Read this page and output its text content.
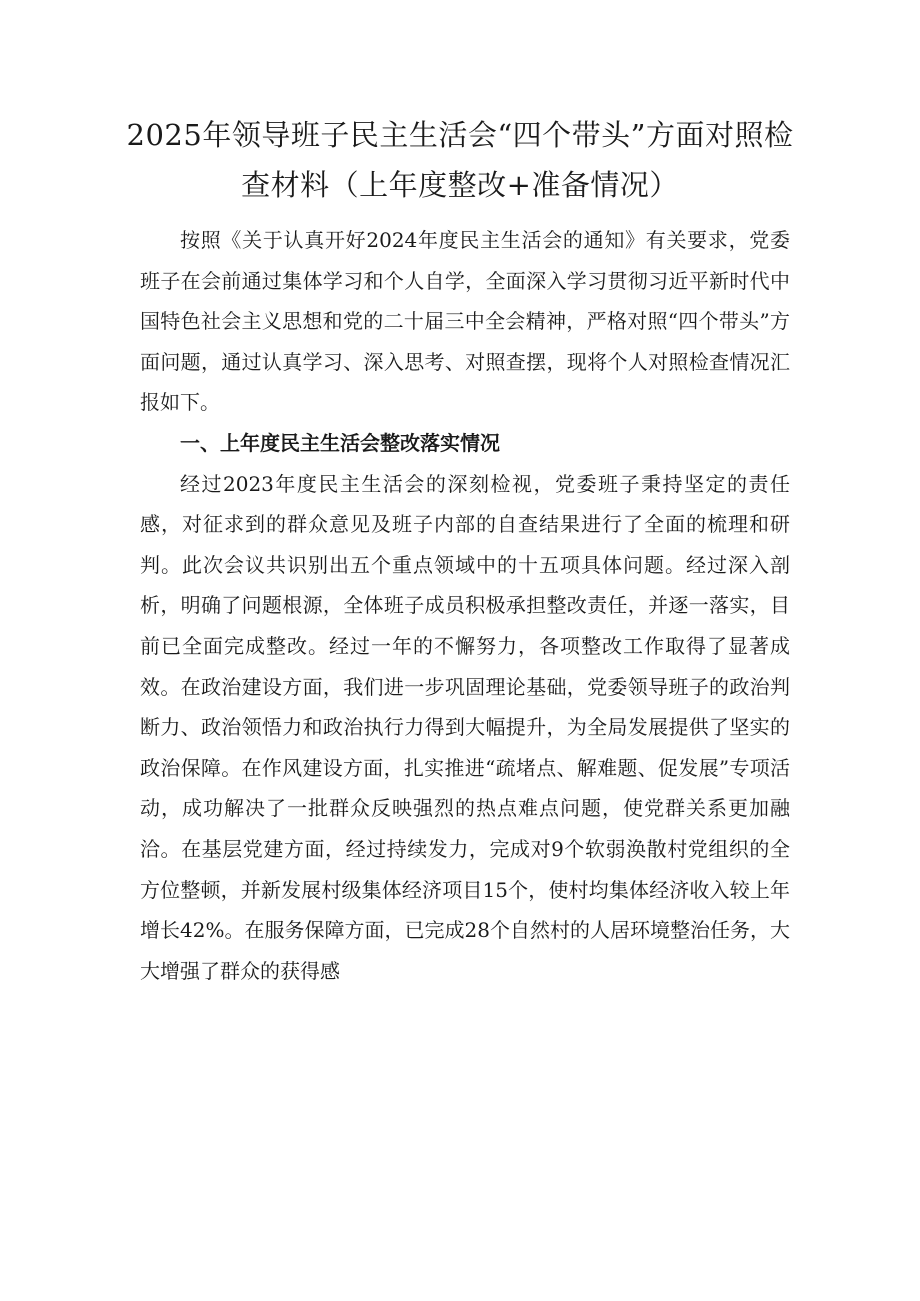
2025年领导班子民主生活会“四个带头”方面对照检
查材料（上年度整改+准备情况）

按照《关于认真开好2024年度民主生活会的通知》有关要求，党委班子在会前通过集体学习和个人自学，全面深入学习贯彻习近平新时代中国特色社会主义思想和党的二十届三中全会精神，严格对照“四个带头”方面问题，通过认真学习、深入思考、对照查摆，现将个人对照检查情况汇报如下。

一、上年度民主生活会整改落实情况

经过2023年度民主生活会的深刻检视，党委班子秉持坚定的责任感，对征求到的群众意见及班子内部的自查结果进行了全面的梳理和研判。此次会议共识别出五个重点领域中的十五项具体问题。经过深入剖析，明确了问题根源，全体班子成员积极承担整改责任，并逐一落实，目前已全面完成整改。经过一年的不懈努力，各项整改工作取得了显著成效。在政治建设方面，我们进一步巩固理论基础，党委领导班子的政治判断力、政治领悟力和政治执行力得到大幅提升，为全局发展提供了坚实的政治保障。在作风建设方面，扎实推进“疏堵点、解难题、促发展”专项活动，成功解决了一批群众反映强烈的热点难点问题，使党群关系更加融洽。在基层党建方面，经过持续发力，完成对9个软弱涣散村党组织的全方位整顿，并新发展村级集体经济项目15个，使村均集体经济收入较上年增长42%。在服务保障方面，已完成28个自然村的人居环境整治任务，大大增强了群众的获得感
